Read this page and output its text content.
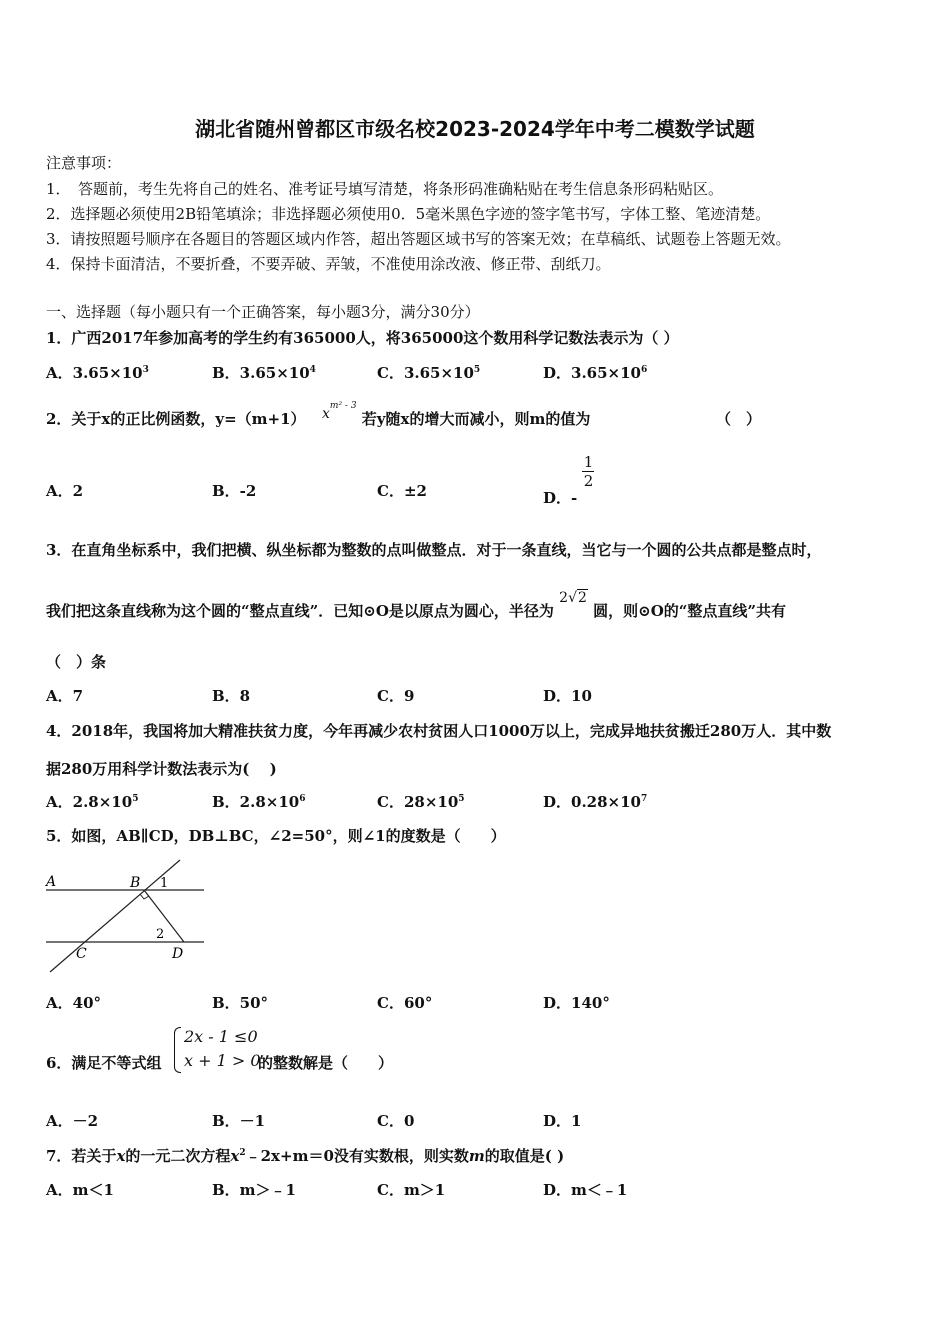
湖北省随州曾都区市级名校2023-2024学年中考二模数学试题
注意事项：
1．　答题前，考生先将自己的姓名、准考证号填写清楚，将条形码准确粘贴在考生信息条形码粘贴区。
2．选择题必须使用2B铅笔填涂；非选择题必须使用0．5毫米黑色字迹的签字笔书写，字体工整、笔迹清楚。
3．请按照题号顺序在各题目的答题区域内作答，超出答题区域书写的答案无效；在草稿纸、试题卷上答题无效。
4．保持卡面清洁，不要折叠，不要弄破、弄皱，不准使用涂改液、修正带、刮纸刀。
一、选择题（每小题只有一个正确答案，每小题3分，满分30分）
1．广西2017年参加高考的学生约有365000人，将365000这个数用科学记数法表示为（ ）
A．$3.65\times 10^3$	B．$3.65\times 10^4$	C．$3.65\times 10^5$	D．$3.65\times 10^6$
2．关于x的正比例函数，y=（m+1） $x^{m^2 - 3}$ 若y随x的增大而减小，则m的值为	（　）
A．2	B．-2	C．±2	D．-
$\frac{1}{2}$
3．在直角坐标系中，我们把横、纵坐标都为整数的点叫做整点．对于一条直线，当它与一个圆的公共点都是整点时，
我们把这条直线称为这个圆的“整点直线”．已知⊙O是以原点为圆心，半径为 2√2 圆，则⊙O的“整点直线”共有
（　）条
A．7	B．8	C．9	D．10
4．2018年，我国将加大精准扶贫力度，今年再减少农村贫困人口1000万以上，完成异地扶贫搬迁280万人．其中数
据280万用科学计数法表示为(　 )
A．$2.8\times 10^5$	B．$2.8\times 10^6$	C．$28\times 10^5$	D．$0.28\times 10^7$
5．如图，AB∥CD，DB⊥BC，∠2=50°，则∠1的度数是（　　）
A	B 1
2
C	D
A．40°	B．50°	C．60°	D．140°
6．满足不等式组
2x - 1 ≤0
x + 1 > 0
的整数解是（　　）
A．－2	B．－1	C．0	D．1
7．若关于x的一元二次方程$x^2﹣2x+m=0$没有实数根，则实数m的取值是( )
A．m＜1	B．m＞﹣1	C．m＞1	D．m＜﹣1
